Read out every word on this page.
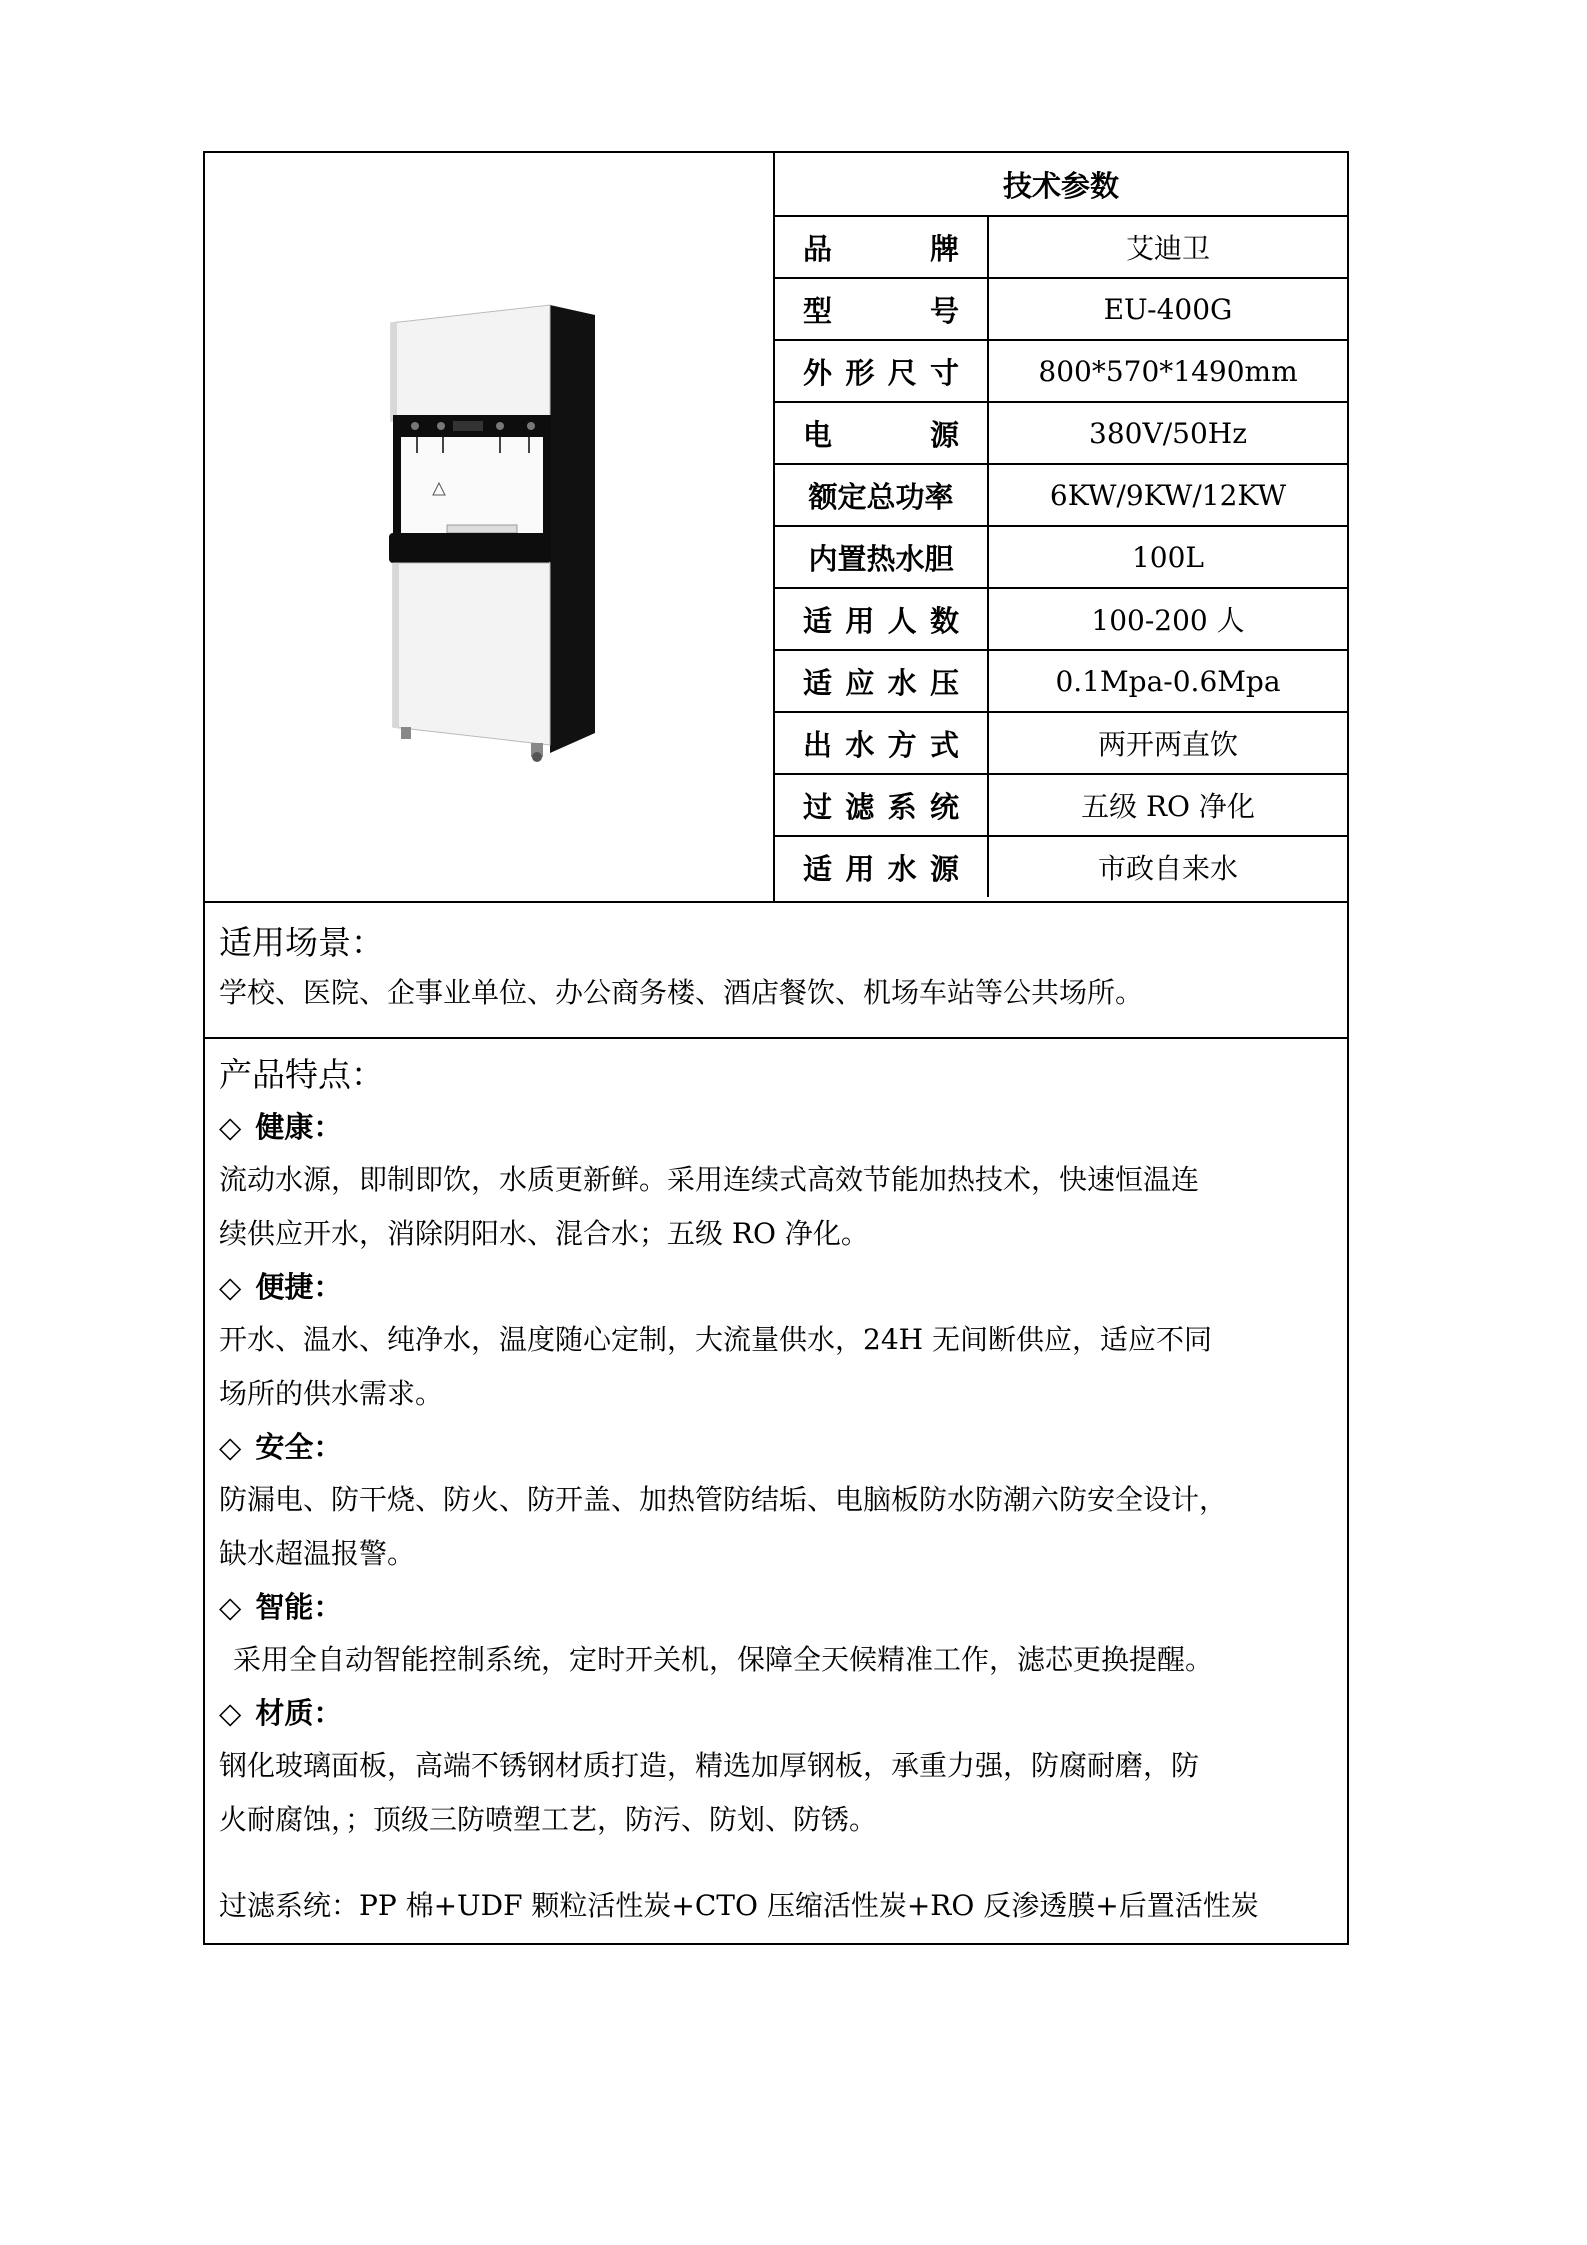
技术参数
品	牌	艾迪卫
型	号	EU-400G
外 形 尺 寸	800*570*1490mm
电	源	380V/50Hz
额定总功率	6KW/9KW/12KW
内置热水胆	100L
适 用 人 数	100-200 人
适 应 水 压	0.1Mpa-0.6Mpa
出 水 方 式	两开两直饮
过 滤 系 统	五级 RO 净化
适 用 水 源	市政自来水
适用场景：
学校、医院、企事业单位、办公商务楼、酒店餐饮、机场车站等公共场所。
产品特点：
◇ 健康：
流动水源，即制即饮，水质更新鲜。采用连续式高效节能加热技术，快速恒温连
续供应开水，消除阴阳水、混合水；五级 RO 净化。
◇ 便捷：
开水、温水、纯净水，温度随心定制，大流量供水，24H 无间断供应，适应不同
场所的供水需求。
◇ 安全：
防漏电、防干烧、防火、防开盖、加热管防结垢、电脑板防水防潮六防安全设计，
缺水超温报警。
◇ 智能：
采用全自动智能控制系统，定时开关机，保障全天候精准工作，滤芯更换提醒。
◇ 材质：
钢化玻璃面板，高端不锈钢材质打造，精选加厚钢板，承重力强，防腐耐磨，防
火耐腐蚀，；顶级三防喷塑工艺，防污、防划、防锈。
过滤系统：PP 棉+UDF 颗粒活性炭+CTO 压缩活性炭+RO 反渗透膜+后置活性炭
